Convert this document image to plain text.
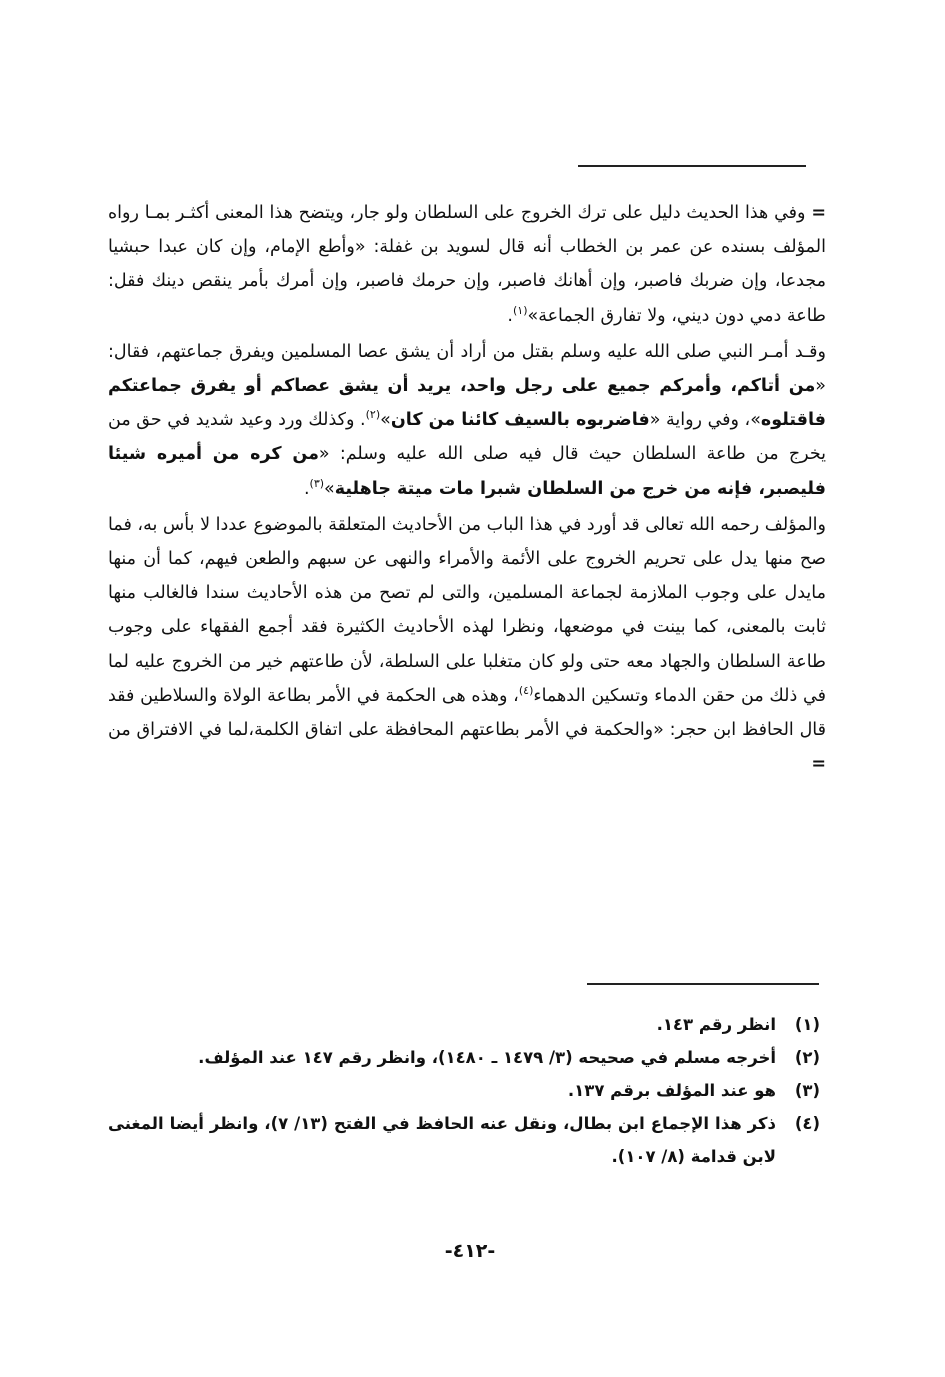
= وفي هذا الحديث دليل على ترك الخروج على السلطان ولو جار، ويتضح هذا المعنى أكثـر بمـا رواه المؤلف بسنده عن عمر بن الخطاب أنه قال لسويد بن غفلة: «وأطع الإمام، وإن كان عبدا حبشيا مجدعا، وإن ضربك فاصبر، وإن أهانك فاصبر، وإن حرمك فاصبر، وإن أمرك بأمر ينقص دينك فقل: طاعة دمي دون ديني، ولا تفارق الجماعة»$^{(١)}$.

وقـد أمـر النبي صلى الله عليه وسلم بقتل من أراد أن يشق عصا المسلمين ويفرق جماعتهم، فقال: «من أتاكم، وأمركم جميع على رجل واحد، يريد أن يشق عصاكم أو يفرق جماعتكم فاقتلوه»، وفي رواية «فاضربوه بالسيف كائنا من كان»$^{(٢)}$. وكذلك ورد وعيد شديد في حق من يخرج من طاعة السلطان حيث قال فيه صلى الله عليه وسلم: «من كره من أميره شيئا فليصبر، فإنه من خرج من السلطان شبرا مات ميتة جاهلية»$^{(٣)}$.

والمؤلف رحمه الله تعالى قد أورد في هذا الباب من الأحاديث المتعلقة بالموضوع عددا لا بأس به، فما صح منها يدل على تحريم الخروج على الأئمة والأمراء والنهى عن سبهم والطعن فيهم، كما أن منها مايدل على وجوب الملازمة لجماعة المسلمين، والتى لم تصح من هذه الأحاديث سندا فالغالب منها ثابت بالمعنى، كما بينت في موضعها، ونظرا لهذه الأحاديث الكثيرة فقد أجمع الفقهاء على وجوب طاعة السلطان والجهاد معه حتى ولو كان متغلبا على السلطة، لأن طاعتهم خير من الخروج عليه لما في ذلك من حقن الدماء وتسكين الدهماء$^{(٤)}$، وهذه هى الحكمة في الأمر بطاعة الولاة والسلاطين فقد قال الحافظ ابن حجر: «والحكمة في الأمر بطاعتهم المحافظة على اتفاق الكلمة،لما في الافتراق من =

(١)
انظر رقم ١٤٣.
(٢)
أخرجه مسلم في صحيحه (٣/ ١٤٧٩ ـ ١٤٨٠)، وانظر رقم ١٤٧ عند المؤلف.
(٣)
هو عند المؤلف برقم ١٣٧.
(٤)
ذكر هذا الإجماع ابن بطال، ونقل عنه الحافظ في الفتح (١٣/ ٧)، وانظر أيضا المغنى لابن قدامة (٨/ ١٠٧).
-٤١٢-
